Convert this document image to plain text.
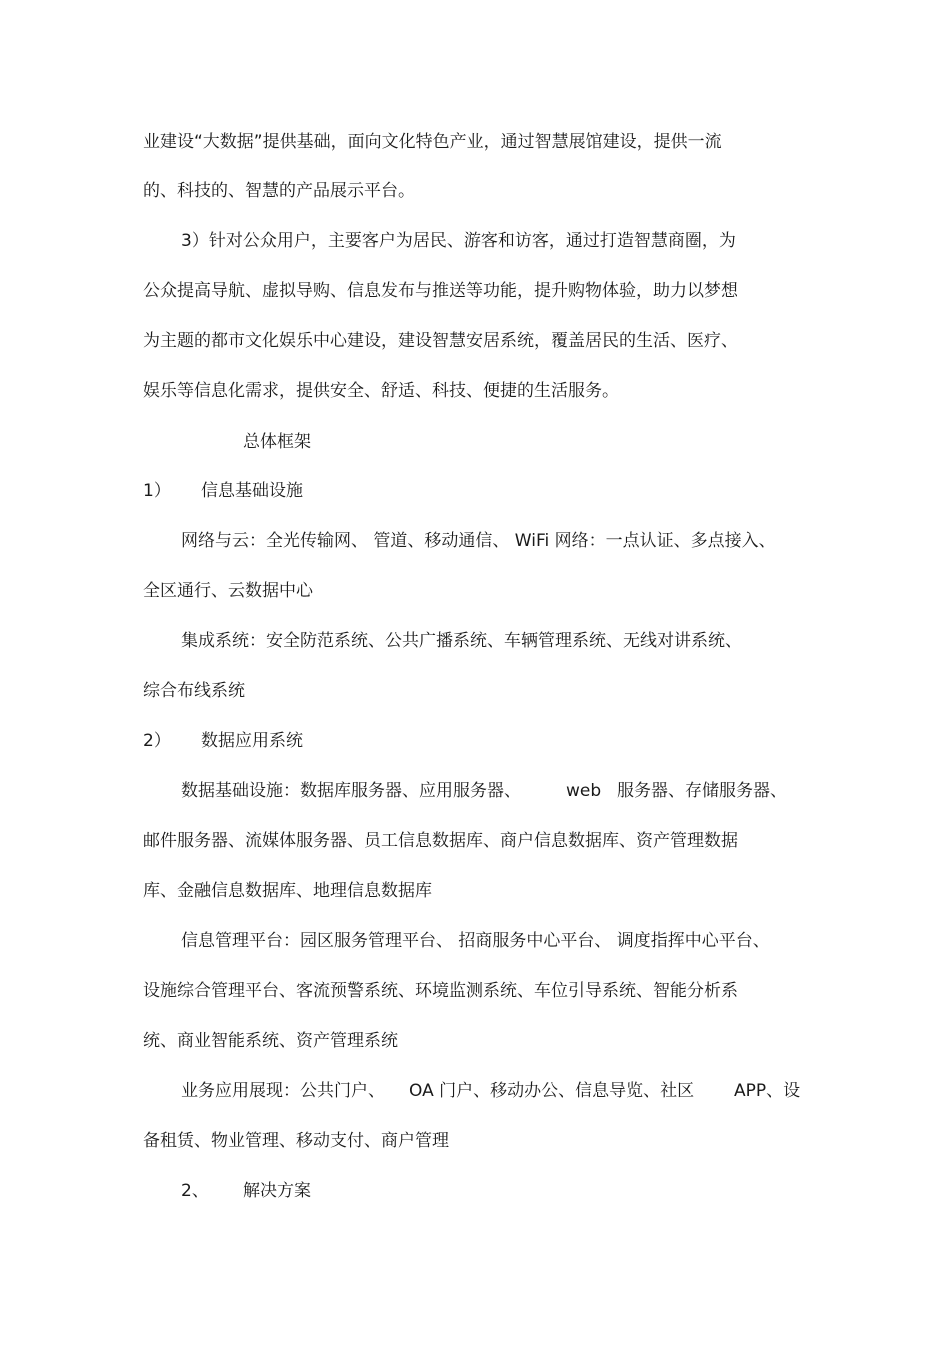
业建设“大数据”提供基础，面向文化特色产业，通过智慧展馆建设，提供一流
的、科技的、智慧的产品展示平台。
3）针对公众用户，主要客户为居民、游客和访客，通过打造智慧商圈，为
公众提高导航、虚拟导购、信息发布与推送等功能，提升购物体验，助力以梦想
为主题的都市文化娱乐中心建设，建设智慧安居系统，覆盖居民的生活、医疗、
娱乐等信息化需求，提供安全、舒适、科技、便捷的生活服务。
总体框架
1） 信息基础设施
网络与云：全光传输网、 管道、移动通信、 WiFi 网络：一点认证、多点接入、
全区通行、云数据中心
集成系统：安全防范系统、公共广播系统、车辆管理系统、无线对讲系统、
综合布线系统
2） 数据应用系统
数据基础设施：数据库服务器、应用服务器、	web 服务器、存储服务器、
邮件服务器、流媒体服务器、员工信息数据库、商户信息数据库、资产管理数据
库、金融信息数据库、地理信息数据库
信息管理平台：园区服务管理平台、 招商服务中心平台、 调度指挥中心平台、
设施综合管理平台、客流预警系统、环境监测系统、车位引导系统、智能分析系
统、商业智能系统、资产管理系统
业务应用展现：公共门户、 OA 门户、移动办公、信息导览、社区 APP、设
备租赁、物业管理、移动支付、商户管理
2、 解决方案
